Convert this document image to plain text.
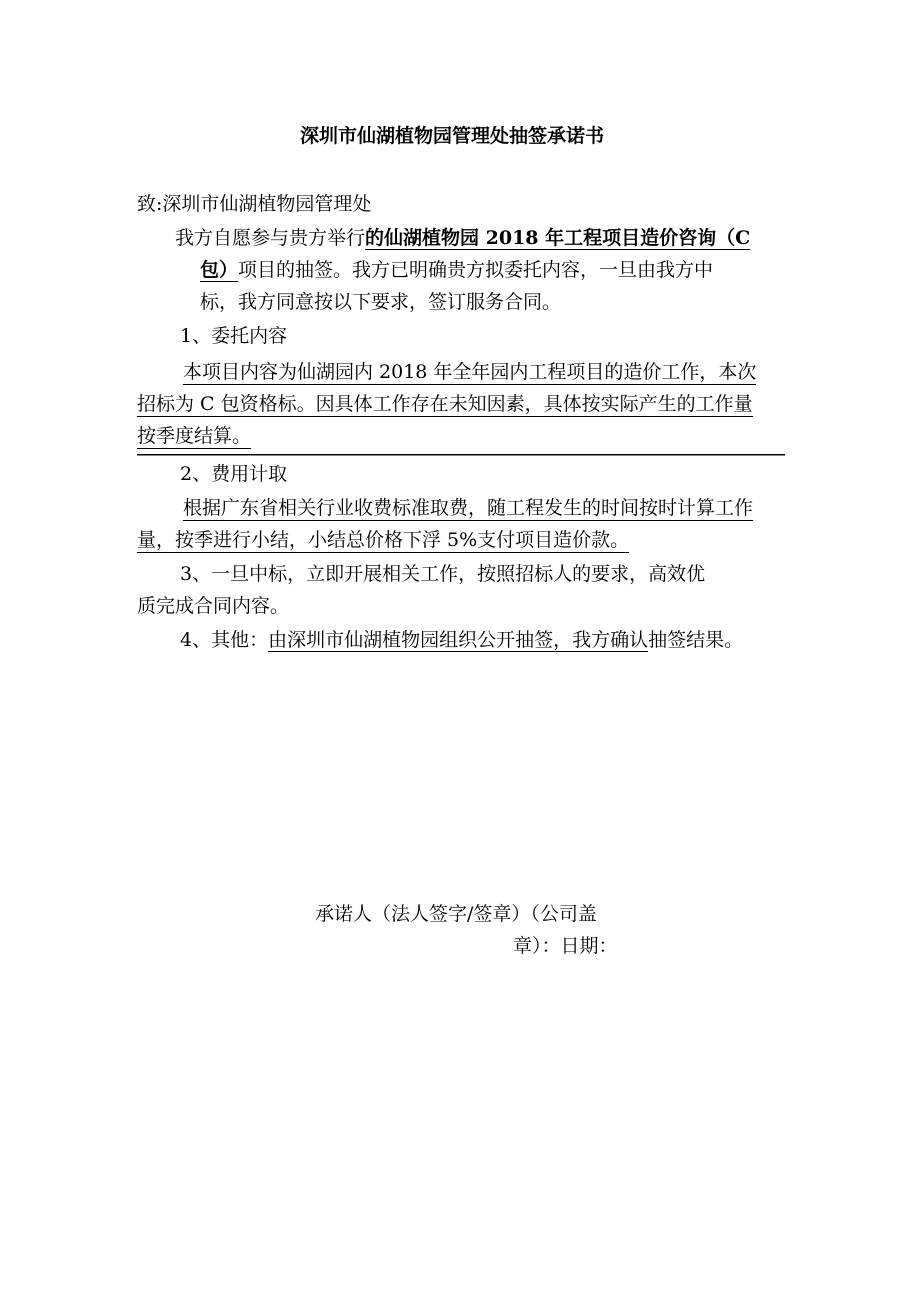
深圳市仙湖植物园管理处抽签承诺书
致:深圳市仙湖植物园管理处
我方自愿参与贵方举行的仙湖植物园 2018 年工程项目造价咨询（C
包）项目的抽签。我方已明确贵方拟委托内容，一旦由我方中
标，我方同意按以下要求，签订服务合同。
1、委托内容
本项目内容为仙湖园内 2018 年全年园内工程项目的造价工作，本次
招标为 C 包资格标。因具体工作存在未知因素，具体按实际产生的工作量
按季度结算。
2、费用计取
根据广东省相关行业收费标准取费，随工程发生的时间按时计算工作
量，按季进行小结，小结总价格下浮 5%支付项目造价款。
3、一旦中标，立即开展相关工作，按照招标人的要求，高效优
质完成合同内容。
4、其他：由深圳市仙湖植物园组织公开抽签，我方确认抽签结果。
承诺人（法人签字/签章）（公司盖
章）：日期：
